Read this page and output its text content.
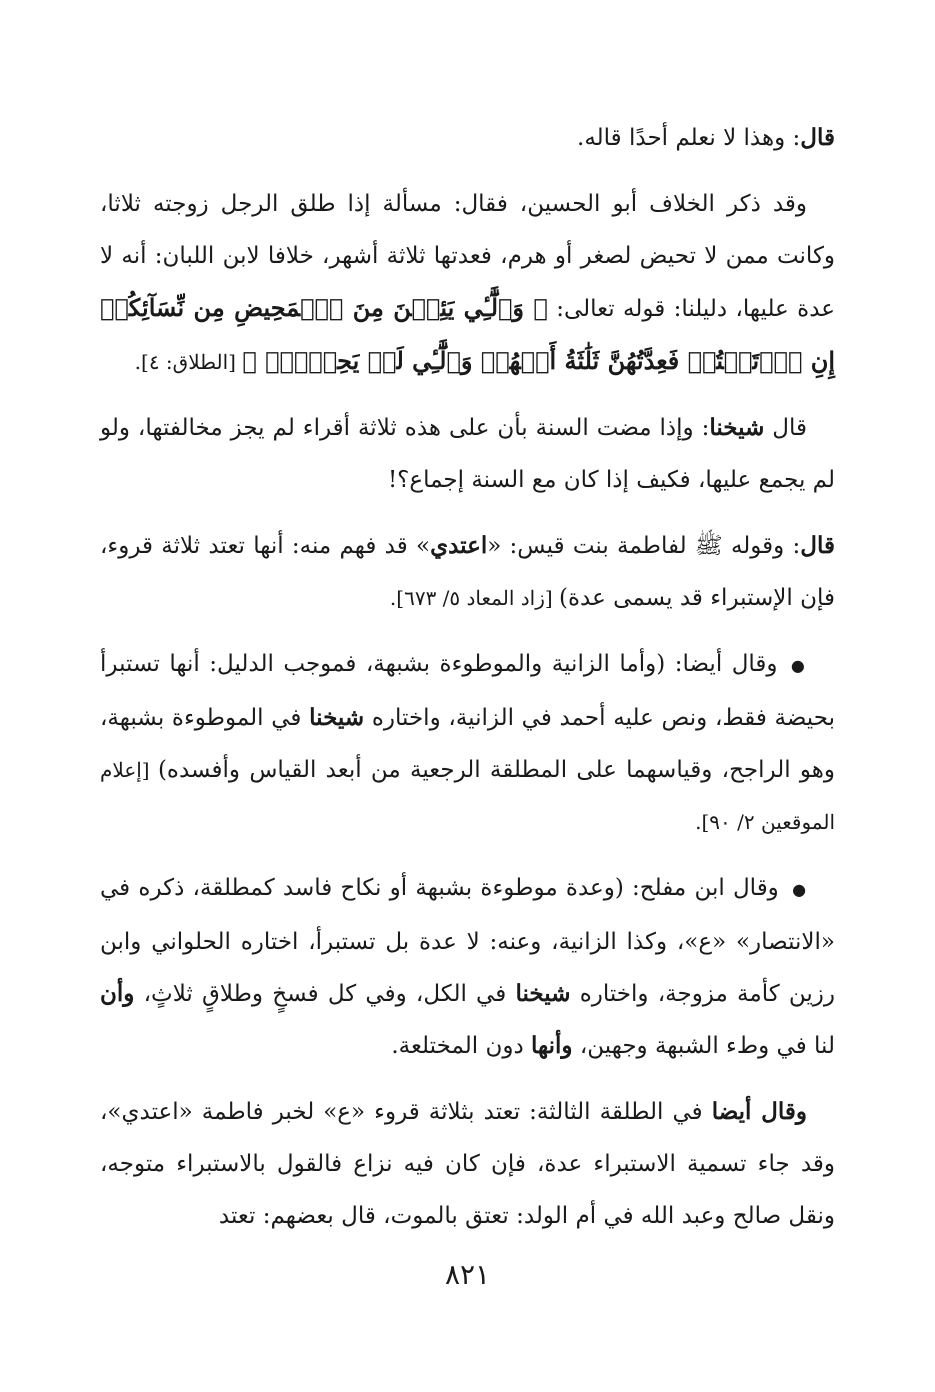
قال: وهذا لا نعلم أحدًا قاله.

وقد ذكر الخلاف أبو الحسين، فقال: مسألة إذا طلق الرجل زوجته ثلاثا، وكانت ممن لا تحيض لصغر أو هرم، فعدتها ثلاثة أشهر، خلافا لابن اللبان: أنه لا عدة عليها، دليلنا: قوله تعالى: ﴿ وَٱلَّٰٓـِٔي يَئِسۡنَ مِنَ ٱلۡمَحِيضِ مِن نِّسَآئِكُمۡ إِنِ ٱرۡتَبۡتُمۡ فَعِدَّتُهُنَّ ثَلَٰثَةُ أَشۡهُرٖ وَٱلَّٰٓـِٔي لَمۡ يَحِضۡنَۚ ﴾ [الطلاق: ٤].

قال شيخنا: وإذا مضت السنة بأن على هذه ثلاثة أقراء لم يجز مخالفتها، ولو لم يجمع عليها، فكيف إذا كان مع السنة إجماع؟!

قال: وقوله ﷺ لفاطمة بنت قيس: «اعتدي» قد فهم منه: أنها تعتد ثلاثة قروء، فإن الإستبراء قد يسمى عدة) [زاد المعاد ٥/ ٦٧٣].

● وقال أيضا: (وأما الزانية والموطوءة بشبهة، فموجب الدليل: أنها تستبرأ بحيضة فقط، ونص عليه أحمد في الزانية، واختاره شيخنا في الموطوءة بشبهة، وهو الراجح، وقياسهما على المطلقة الرجعية من أبعد القياس وأفسده) [إعلام الموقعين ٢/ ٩٠].

● وقال ابن مفلح: (وعدة موطوءة بشبهة أو نكاح فاسد كمطلقة، ذكره في «الانتصار» «ع»، وكذا الزانية، وعنه: لا عدة بل تستبرأ، اختاره الحلواني وابن رزين كأمة مزوجة، واختاره شيخنا في الكل، وفي كل فسخٍ وطلاقٍ ثلاثٍ، وأن لنا في وطء الشبهة وجهين، وأنها دون المختلعة.

وقال أيضا في الطلقة الثالثة: تعتد بثلاثة قروء «ع» لخبر فاطمة «اعتدي»، وقد جاء تسمية الاستبراء عدة، فإن كان فيه نزاع فالقول بالاستبراء متوجه، ونقل صالح وعبد الله في أم الولد: تعتق بالموت، قال بعضهم: تعتد

٨٢١
